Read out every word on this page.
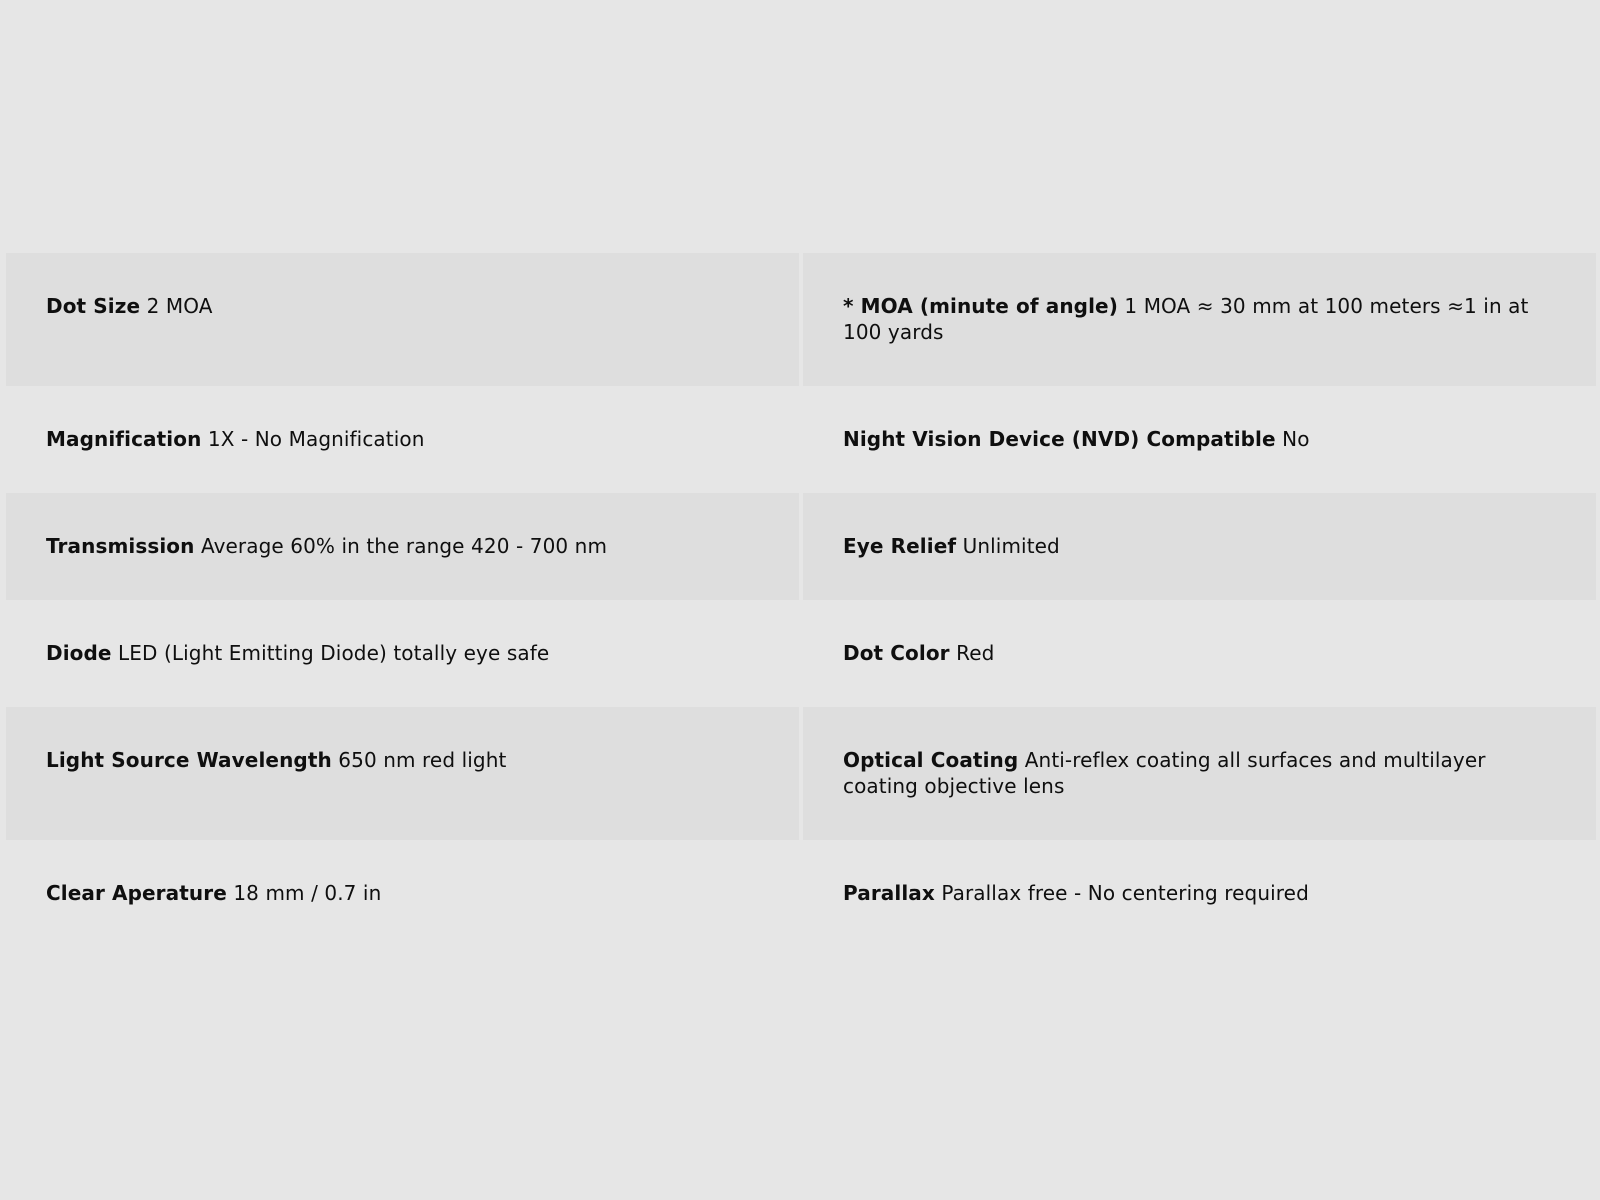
Dot Size 2 MOA	* MOA (minute of angle) 1 MOA ≈ 30 mm at 100 meters ≈1 in at 100 yards
Magnification 1X - No Magnification	Night Vision Device (NVD) Compatible No
Transmission Average 60% in the range 420 - 700 nm	Eye Relief Unlimited
Diode LED (Light Emitting Diode) totally eye safe	Dot Color Red
Light Source Wavelength 650 nm red light	Optical Coating Anti-reflex coating all surfaces and multilayer coating objective lens
Clear Aperature 18 mm / 0.7 in	Parallax Parallax free - No centering required
